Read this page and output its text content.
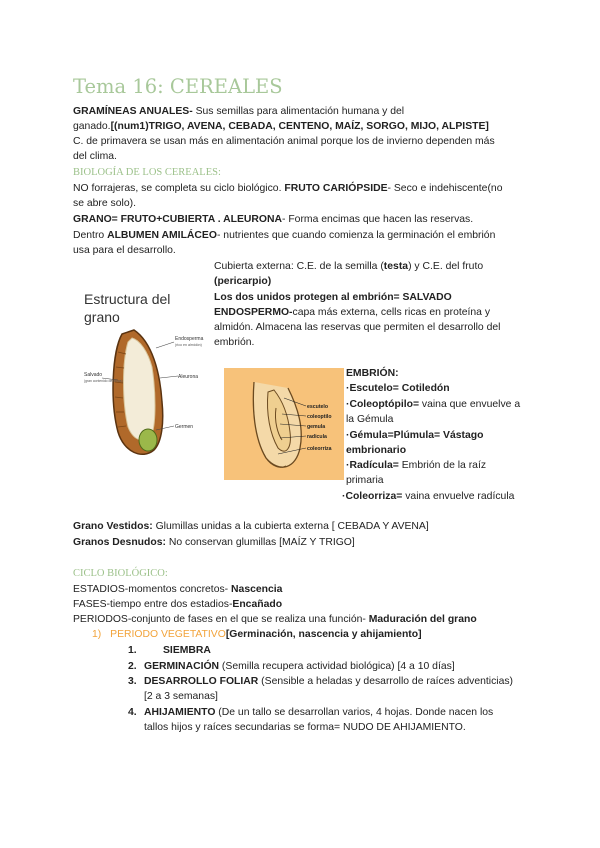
Tema 16: CEREALES
GRAMÍNEAS ANUALES- Sus semillas para alimentación humana y del
ganado.[(num1)TRIGO, AVENA, CEBADA, CENTENO, MAÍZ, SORGO, MIJO, ALPISTE]
C. de primavera se usan más en alimentación animal porque los de invierno dependen más
del clima.
BIOLOGÍA DE LOS CEREALES:
NO forrajeras, se completa su ciclo biológico. FRUTO CARIÓPSIDE- Seco e indehiscente(no
se abre solo).
GRANO= FRUTO+CUBIERTA . ALEURONA- Forma encimas que hacen las reservas.
Dentro ALBUMEN AMILÁCEO- nutrientes que cuando comienza la germinación el embrión
usa para el desarrollo.
Cubierta externa: C.E. de la semilla (testa) y C.E. del fruto
(pericarpio)
Los dos unidos protegen al embrión= SALVADO
ENDOSPERMO-capa más externa, cells ricas en proteína y
almidón. Almacena las reservas que permiten el desarrollo del
embrión.
Estructura del
grano
Endosperma
(rico en almidón)
Aleurona
Salvado
(gran contenido de fibras)
Germen
escutelo
coleoptilo
gemula
radicula
coleorriza
EMBRIÓN:
·Escutelo= Cotiledón
·Coleoptópilo= vaina que envuelve a
la Gémula
·Gémula=Plúmula= Vástago
embrionario
·Radícula= Embrión de la raíz
primaria
·Coleorriza= vaina envuelve radícula
Grano Vestidos: Glumillas unidas a la cubierta externa [ CEBADA Y AVENA]
Granos Desnudos: No conservan glumillas [MAÍZ Y TRIGO]
CICLO BIOLÓGICO:
ESTADIOS-momentos concretos- Nascencia
FASES-tiempo entre dos estadios-Encañado
PERIODOS-conjunto de fases en el que se realiza una función- Maduración del grano
1) PERIODO VEGETATIVO[Germinación, nascencia y ahijamiento]
1.	SIEMBRA
2. GERMINACIÓN (Semilla recupera actividad biológica) [4 a 10 días]
3. DESARROLLO FOLIAR (Sensible a heladas y desarrollo de raíces adventicias)
[2 a 3 semanas]
4. AHIJAMIENTO (De un tallo se desarrollan varios, 4 hojas. Donde nacen los
tallos hijos y raíces secundarias se forma= NUDO DE AHIJAMIENTO.
